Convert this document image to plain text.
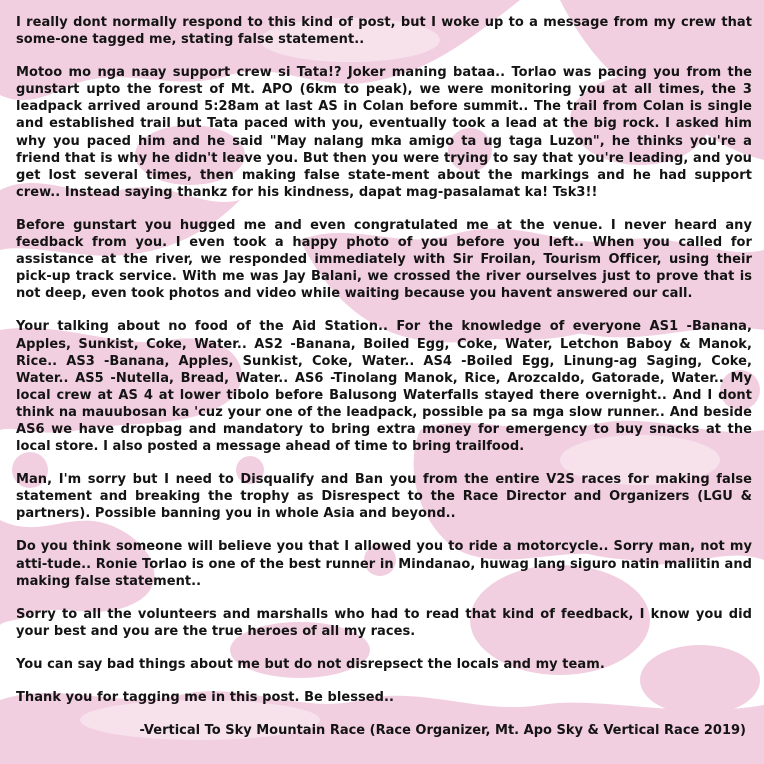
I really dont normally respond to this kind of post, but I woke up to a message from my crew that some-one tagged me, stating false statement..

Motoo mo nga naay support crew si Tata!? Joker maning bataa.. Torlao was pacing you from the gunstart upto the forest of Mt. APO (6km to peak), we were monitoring you at all times, the 3 leadpack arrived around 5:28am at last AS in Colan before summit.. The trail from Colan is single and established trail but Tata paced with you, eventually took a lead at the big rock. I asked him why you paced him and he said "May nalang mka amigo ta ug taga Luzon", he thinks you're a friend that is why he didn't leave you. But then you were trying to say that you're leading, and you get lost several times, then making false state-ment about the markings and he had support crew.. Instead saying thankz for his kindness, dapat mag-pasalamat ka! Tsk3!!

Before gunstart you hugged me and even congratulated me at the venue. I never heard any feedback from you. I even took a happy photo of you before you left.. When you called for assistance at the river, we responded immediately with Sir Froilan, Tourism Officer, using their pick-up track service. With me was Jay Balani, we crossed the river ourselves just to prove that is not deep, even took photos and video while waiting because you havent answered our call.

Your talking about no food of the Aid Station.. For the knowledge of everyone AS1 -Banana, Apples, Sunkist, Coke, Water.. AS2 -Banana, Boiled Egg, Coke, Water, Letchon Baboy & Manok, Rice.. AS3 -Banana, Apples, Sunkist, Coke, Water.. AS4 -Boiled Egg, Linung-ag Saging, Coke, Water.. AS5 -Nutella, Bread, Water.. AS6 -Tinolang Manok, Rice, Arozcaldo, Gatorade, Water.. My local crew at AS 4 at lower tibolo before Balusong Waterfalls stayed there overnight.. And I dont think na mauubosan ka 'cuz your one of the leadpack, possible pa sa mga slow runner.. And beside AS6 we have dropbag and mandatory to bring extra money for emergency to buy snacks at the local store. I also posted a message ahead of time to bring trailfood.

Man, I'm sorry but I need to Disqualify and Ban you from the entire V2S races for making false statement and breaking the trophy as Disrespect to the Race Director and Organizers (LGU & partners). Possible banning you in whole Asia and beyond..

Do you think someone will believe you that I allowed you to ride a motorcycle.. Sorry man, not my atti-tude.. Ronie Torlao is one of the best runner in Mindanao, huwag lang siguro natin maliitin and making false statement..

Sorry to all the volunteers and marshalls who had to read that kind of feedback, I know you did your best and you are the true heroes of all my races.

You can say bad things about me but do not disrepsect the locals and my team.

Thank you for tagging me in this post. Be blessed..

-Vertical To Sky Mountain Race (Race Organizer, Mt. Apo Sky & Vertical Race 2019)
